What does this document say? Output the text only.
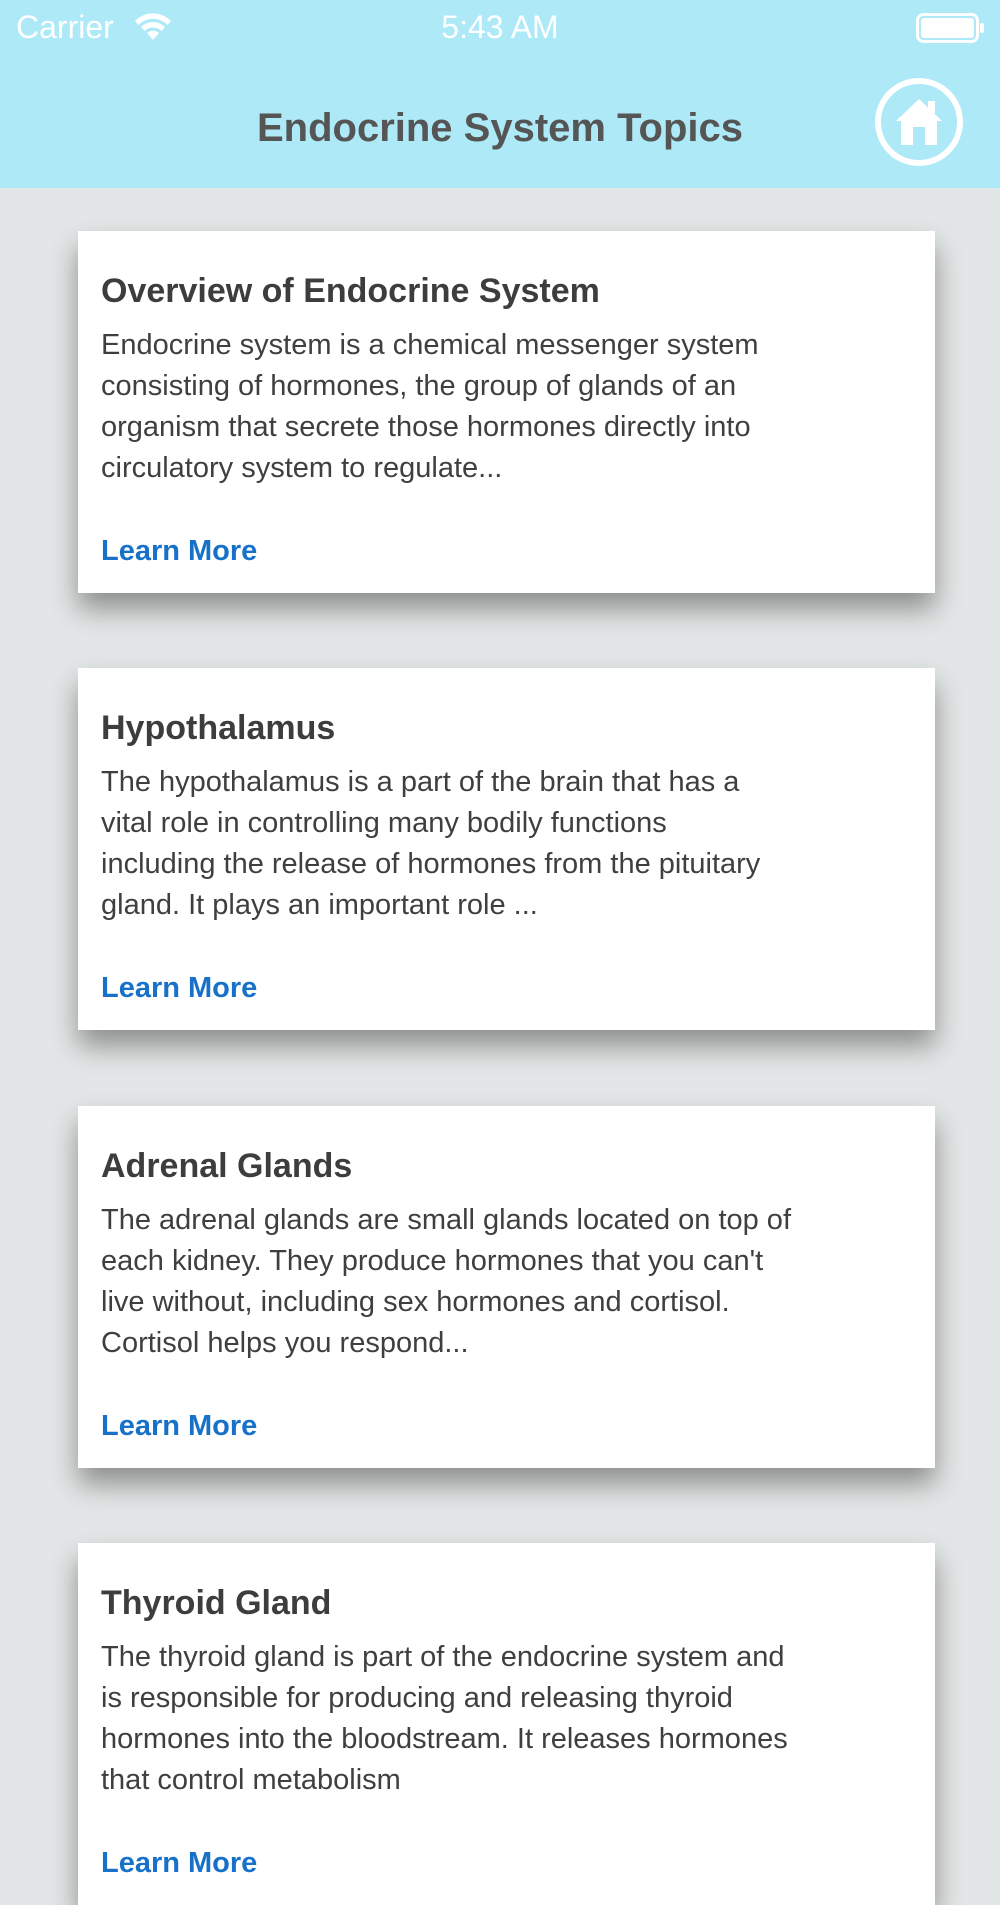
Carrier	5:43 AM
Endocrine System Topics
Overview of Endocrine System
Endocrine system is a chemical messenger system
consisting of hormones, the group of glands of an
organism that secrete those hormones directly into
circulatory system to regulate...
Learn More
Hypothalamus
The hypothalamus is a part of the brain that has a
vital role in controlling many bodily functions
including the release of hormones from the pituitary
gland. It plays an important role ...
Learn More
Adrenal Glands
The adrenal glands are small glands located on top of
each kidney. They produce hormones that you can't
live without, including sex hormones and cortisol.
Cortisol helps you respond...
Learn More
Thyroid Gland
The thyroid gland is part of the endocrine system and
is responsible for producing and releasing thyroid
hormones into the bloodstream. It releases hormones
that control metabolism
Learn More
